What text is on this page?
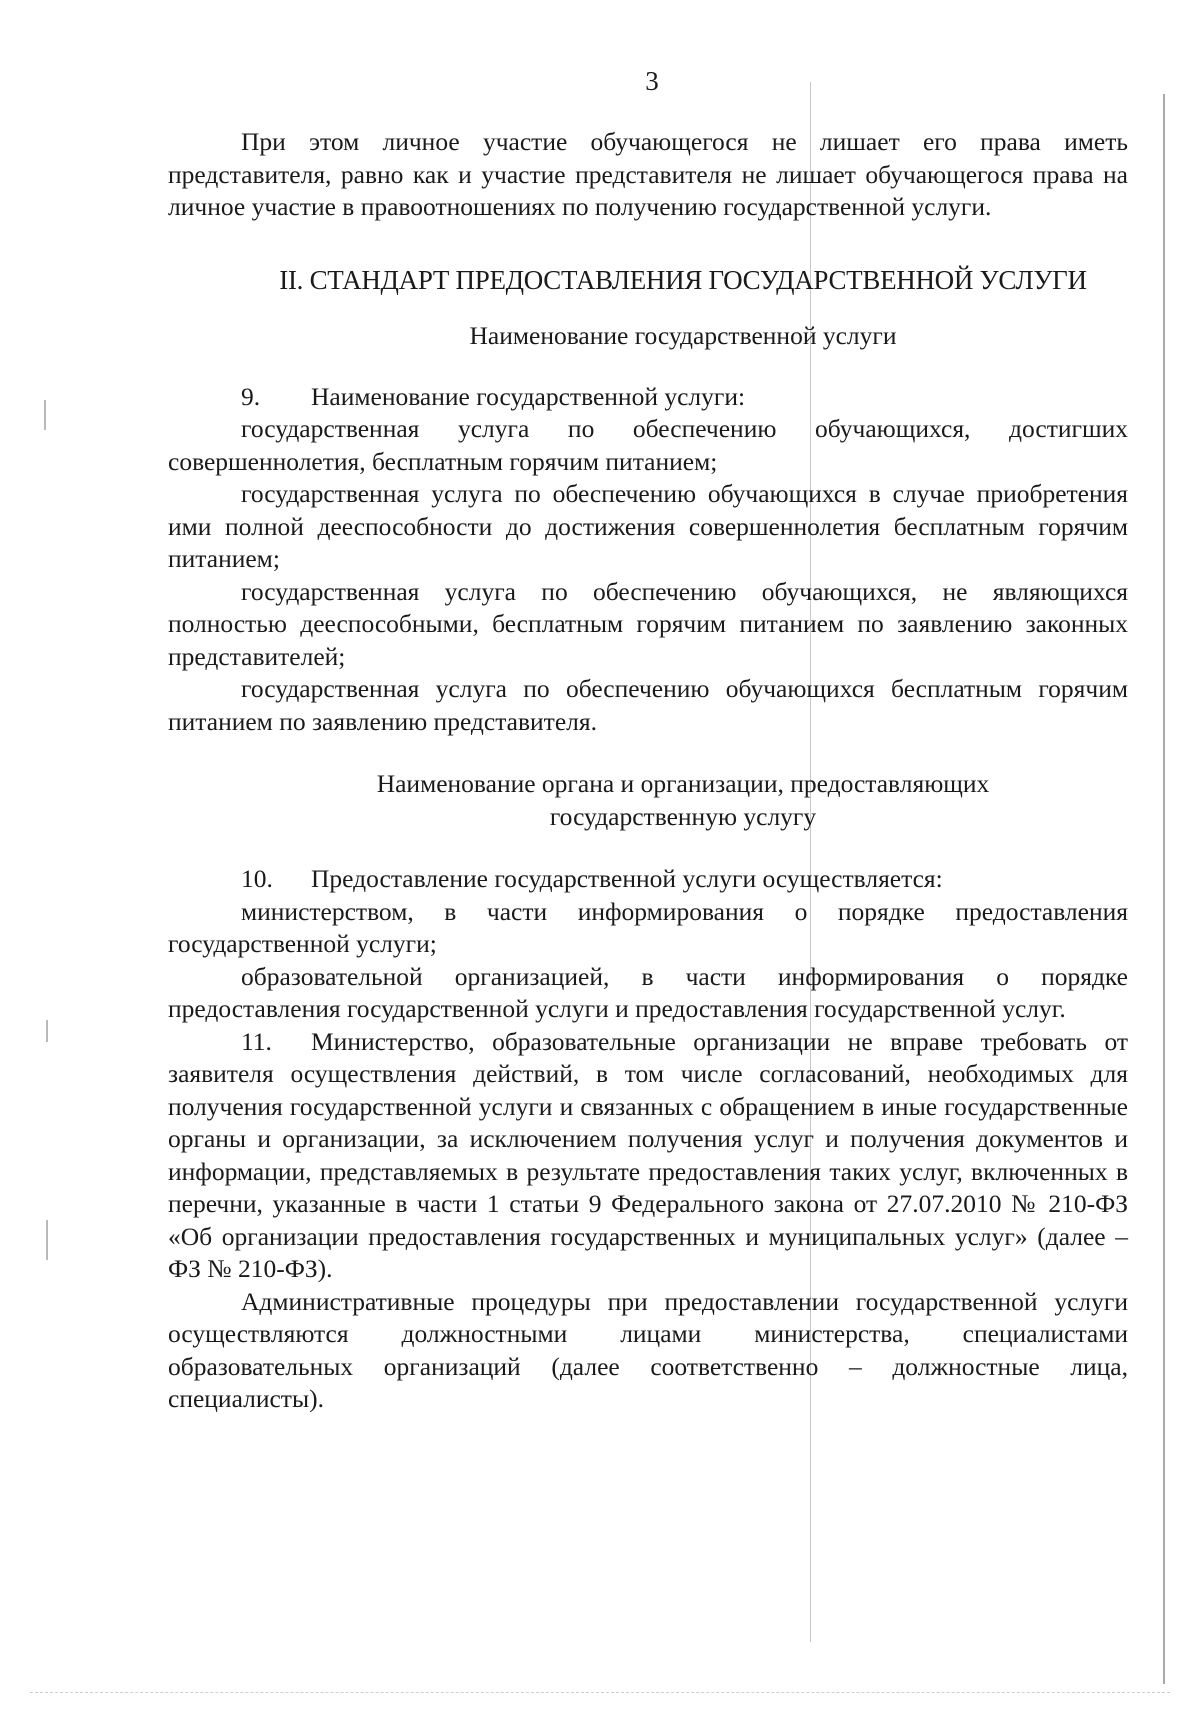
3

При этом личное участие обучающегося не лишает его права иметь представителя, равно как и участие представителя не лишает обучающегося права на личное участие в правоотношениях по получению государственной услуги.

II. СТАНДАРТ ПРЕДОСТАВЛЕНИЯ ГОСУДАРСТВЕННОЙ УСЛУГИ
Наименование государственной услуги

9. Наименование государственной услуги:

государственная услуга по обеспечению обучающихся, достигших совершеннолетия, бесплатным горячим питанием;

государственная услуга по обеспечению обучающихся в случае приобретения ими полной дееспособности до достижения совершеннолетия бесплатным горячим питанием;

государственная услуга по обеспечению обучающихся, не являющихся полностью дееспособными, бесплатным горячим питанием по заявлению законных представителей;

государственная услуга по обеспечению обучающихся бесплатным горячим питанием по заявлению представителя.

Наименование органа и организации, предоставляющих
государственную услугу

10. Предоставление государственной услуги осуществляется:

министерством, в части информирования о порядке предоставления государственной услуги;

образовательной организацией, в части информирования о порядке предоставления государственной услуги и предоставления государственной услуг.

11. Министерство, образовательные организации не вправе требовать от заявителя осуществления действий, в том числе согласований, необходимых для получения государственной услуги и связанных с обращением в иные государственные органы и организации, за исключением получения услуг и получения документов и информации, представляемых в результате предоставления таких услуг, включенных в перечни, указанные в части 1 статьи 9 Федерального закона от 27.07.2010 № 210-ФЗ «Об организации предоставления государственных и муниципальных услуг» (далее – ФЗ № 210-ФЗ).

Административные процедуры при предоставлении государственной услуги осуществляются должностными лицами министерства, специалистами образовательных организаций (далее соответственно – должностные лица, специалисты).
